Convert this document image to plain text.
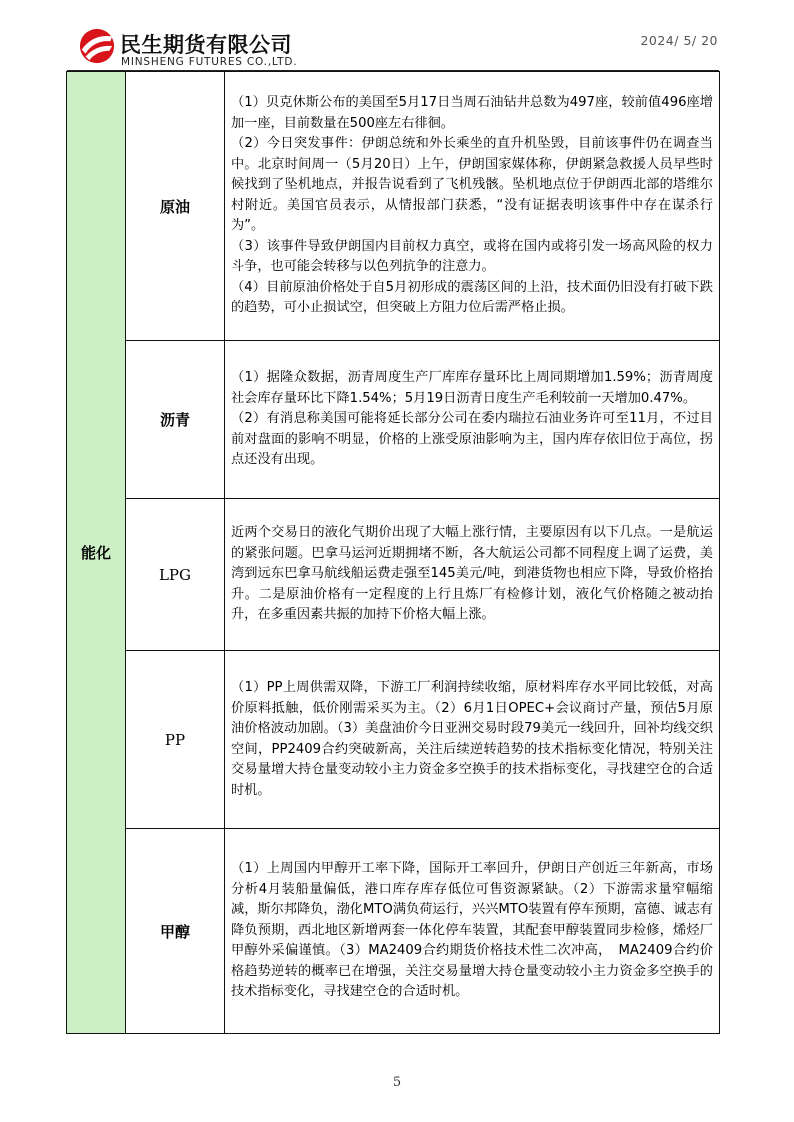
民生期货有限公司
MINSHENG FUTURES CO.,LTD.
2024/ 5/ 20
能化	原油	（1）贝克休斯公布的美国至5月17日当周石油钻井总数为497座，较前值496座增加一座，目前数量在500座左右徘徊。

（2）今日突发事件：伊朗总统和外长乘坐的直升机坠毁，目前该事件仍在调查当中。北京时间周一（5月20日）上午，伊朗国家媒体称，伊朗紧急救援人员早些时候找到了坠机地点，并报告说看到了飞机残骸。坠机地点位于伊朗西北部的塔维尔村附近。美国官员表示，从情报部门获悉，“没有证据表明该事件中存在谋杀行为”。

（3）该事件导致伊朗国内目前权力真空，或将在国内或将引发一场高风险的权力斗争，也可能会转移与以色列抗争的注意力。

（4）目前原油价格处于自5月初形成的震荡区间的上沿，技术面仍旧没有打破下跌的趋势，可小止损试空，但突破上方阻力位后需严格止损。

	沥青	（1）据隆众数据，沥青周度生产厂库库存量环比上周同期增加1.59%；沥青周度社会库存量环比下降1.54%；5月19日沥青日度生产毛利较前一天增加0.47%。

（2）有消息称美国可能将延长部分公司在委内瑞拉石油业务许可至11月，不过目前对盘面的影响不明显，价格的上涨受原油影响为主，国内库存依旧位于高位，拐点还没有出现。

	LPG	近两个交易日的液化气期价出现了大幅上涨行情，主要原因有以下几点。一是航运的紧张问题。巴拿马运河近期拥堵不断，各大航运公司都不同程度上调了运费，美湾到远东巴拿马航线船运费走强至145美元/吨，到港货物也相应下降，导致价格抬升。二是原油价格有一定程度的上行且炼厂有检修计划，液化气价格随之被动抬升，在多重因素共振的加持下价格大幅上涨。

	PP	（1）PP上周供需双降，下游工厂利润持续收缩，原材料库存水平同比较低，对高价原料抵触，低价刚需采买为主。（2）6月1日OPEC+会议商讨产量，预估5月原油价格波动加剧。（3）美盘油价今日亚洲交易时段79美元一线回升，回补均线交织空间，PP2409合约突破新高，关注后续逆转趋势的技术指标变化情况，特别关注交易量增大持仓量变动较小主力资金多空换手的技术指标变化，寻找建空仓的合适时机。

	甲醇	（1）上周国内甲醇开工率下降，国际开工率回升，伊朗日产创近三年新高，市场分析4月装船量偏低，港口库存库存低位可售资源紧缺。（2）下游需求量窄幅缩减，斯尔邦降负，渤化MTO满负荷运行，兴兴MTO装置有停车预期，富德、诚志有降负预期，西北地区新增两套一体化停车装置，其配套甲醇装置同步检修，烯烃厂甲醇外采偏谨慎。（3）MA2409合约期货价格技术性二次冲高，　MA2409合约价格趋势逆转的概率已在增强，关注交易量增大持仓量变动较小主力资金多空换手的技术指标变化，寻找建空仓的合适时机。

5
